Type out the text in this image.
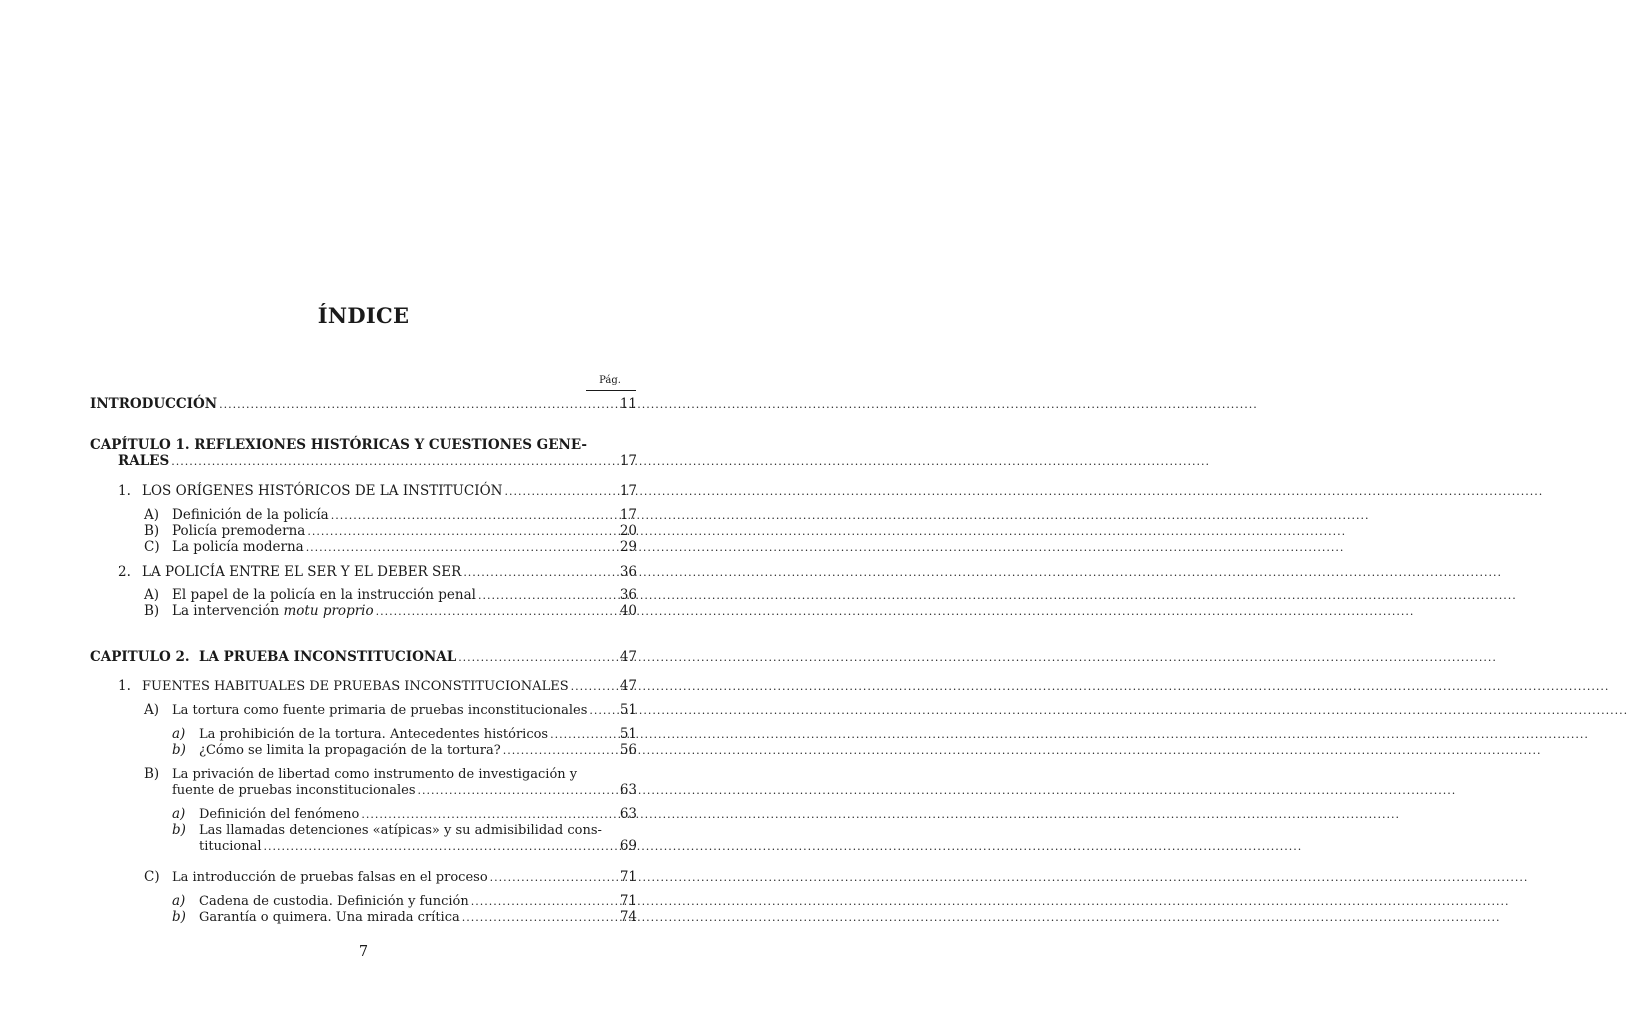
ÍNDICE
Pág.
INTRODUCCIÓN .....	11
CAPÍTULO 1. REFLEXIONES HISTÓRICAS Y CUESTIONES GENE-
RALES .....	17
1. LOS ORÍGENES HISTÓRICOS DE LA INSTITUCIÓN .....	17
A) Definición de la policía .....	17
B) Policía premoderna .....	20
C) La policía moderna .....	29
2. LA POLICÍA ENTRE EL SER Y EL DEBER SER .....	36
A) El papel de la policía en la instrucción penal .....	36
B) La intervención motu proprio .....	40
CAPITULO 2.  LA PRUEBA INCONSTITUCIONAL .....	47
1. FUENTES HABITUALES DE PRUEBAS INCONSTITUCIONALES .....	47
A) La tortura como fuente primaria de pruebas inconstitucionales .....	51
a) La prohibición de la tortura. Antecedentes históricos .....	51
b) ¿Cómo se limita la propagación de la tortura? .....	56
B) La privación de libertad como instrumento de investigación y
fuente de pruebas inconstitucionales .....	63
a) Definición del fenómeno .....	63
b) Las llamadas detenciones «atípicas» y su admisibilidad cons-
titucional .....	69
C) La introducción de pruebas falsas en el proceso .....	71
a) Cadena de custodia. Definición y función .....	71
b) Garantía o quimera. Una mirada crítica .....	74
7
